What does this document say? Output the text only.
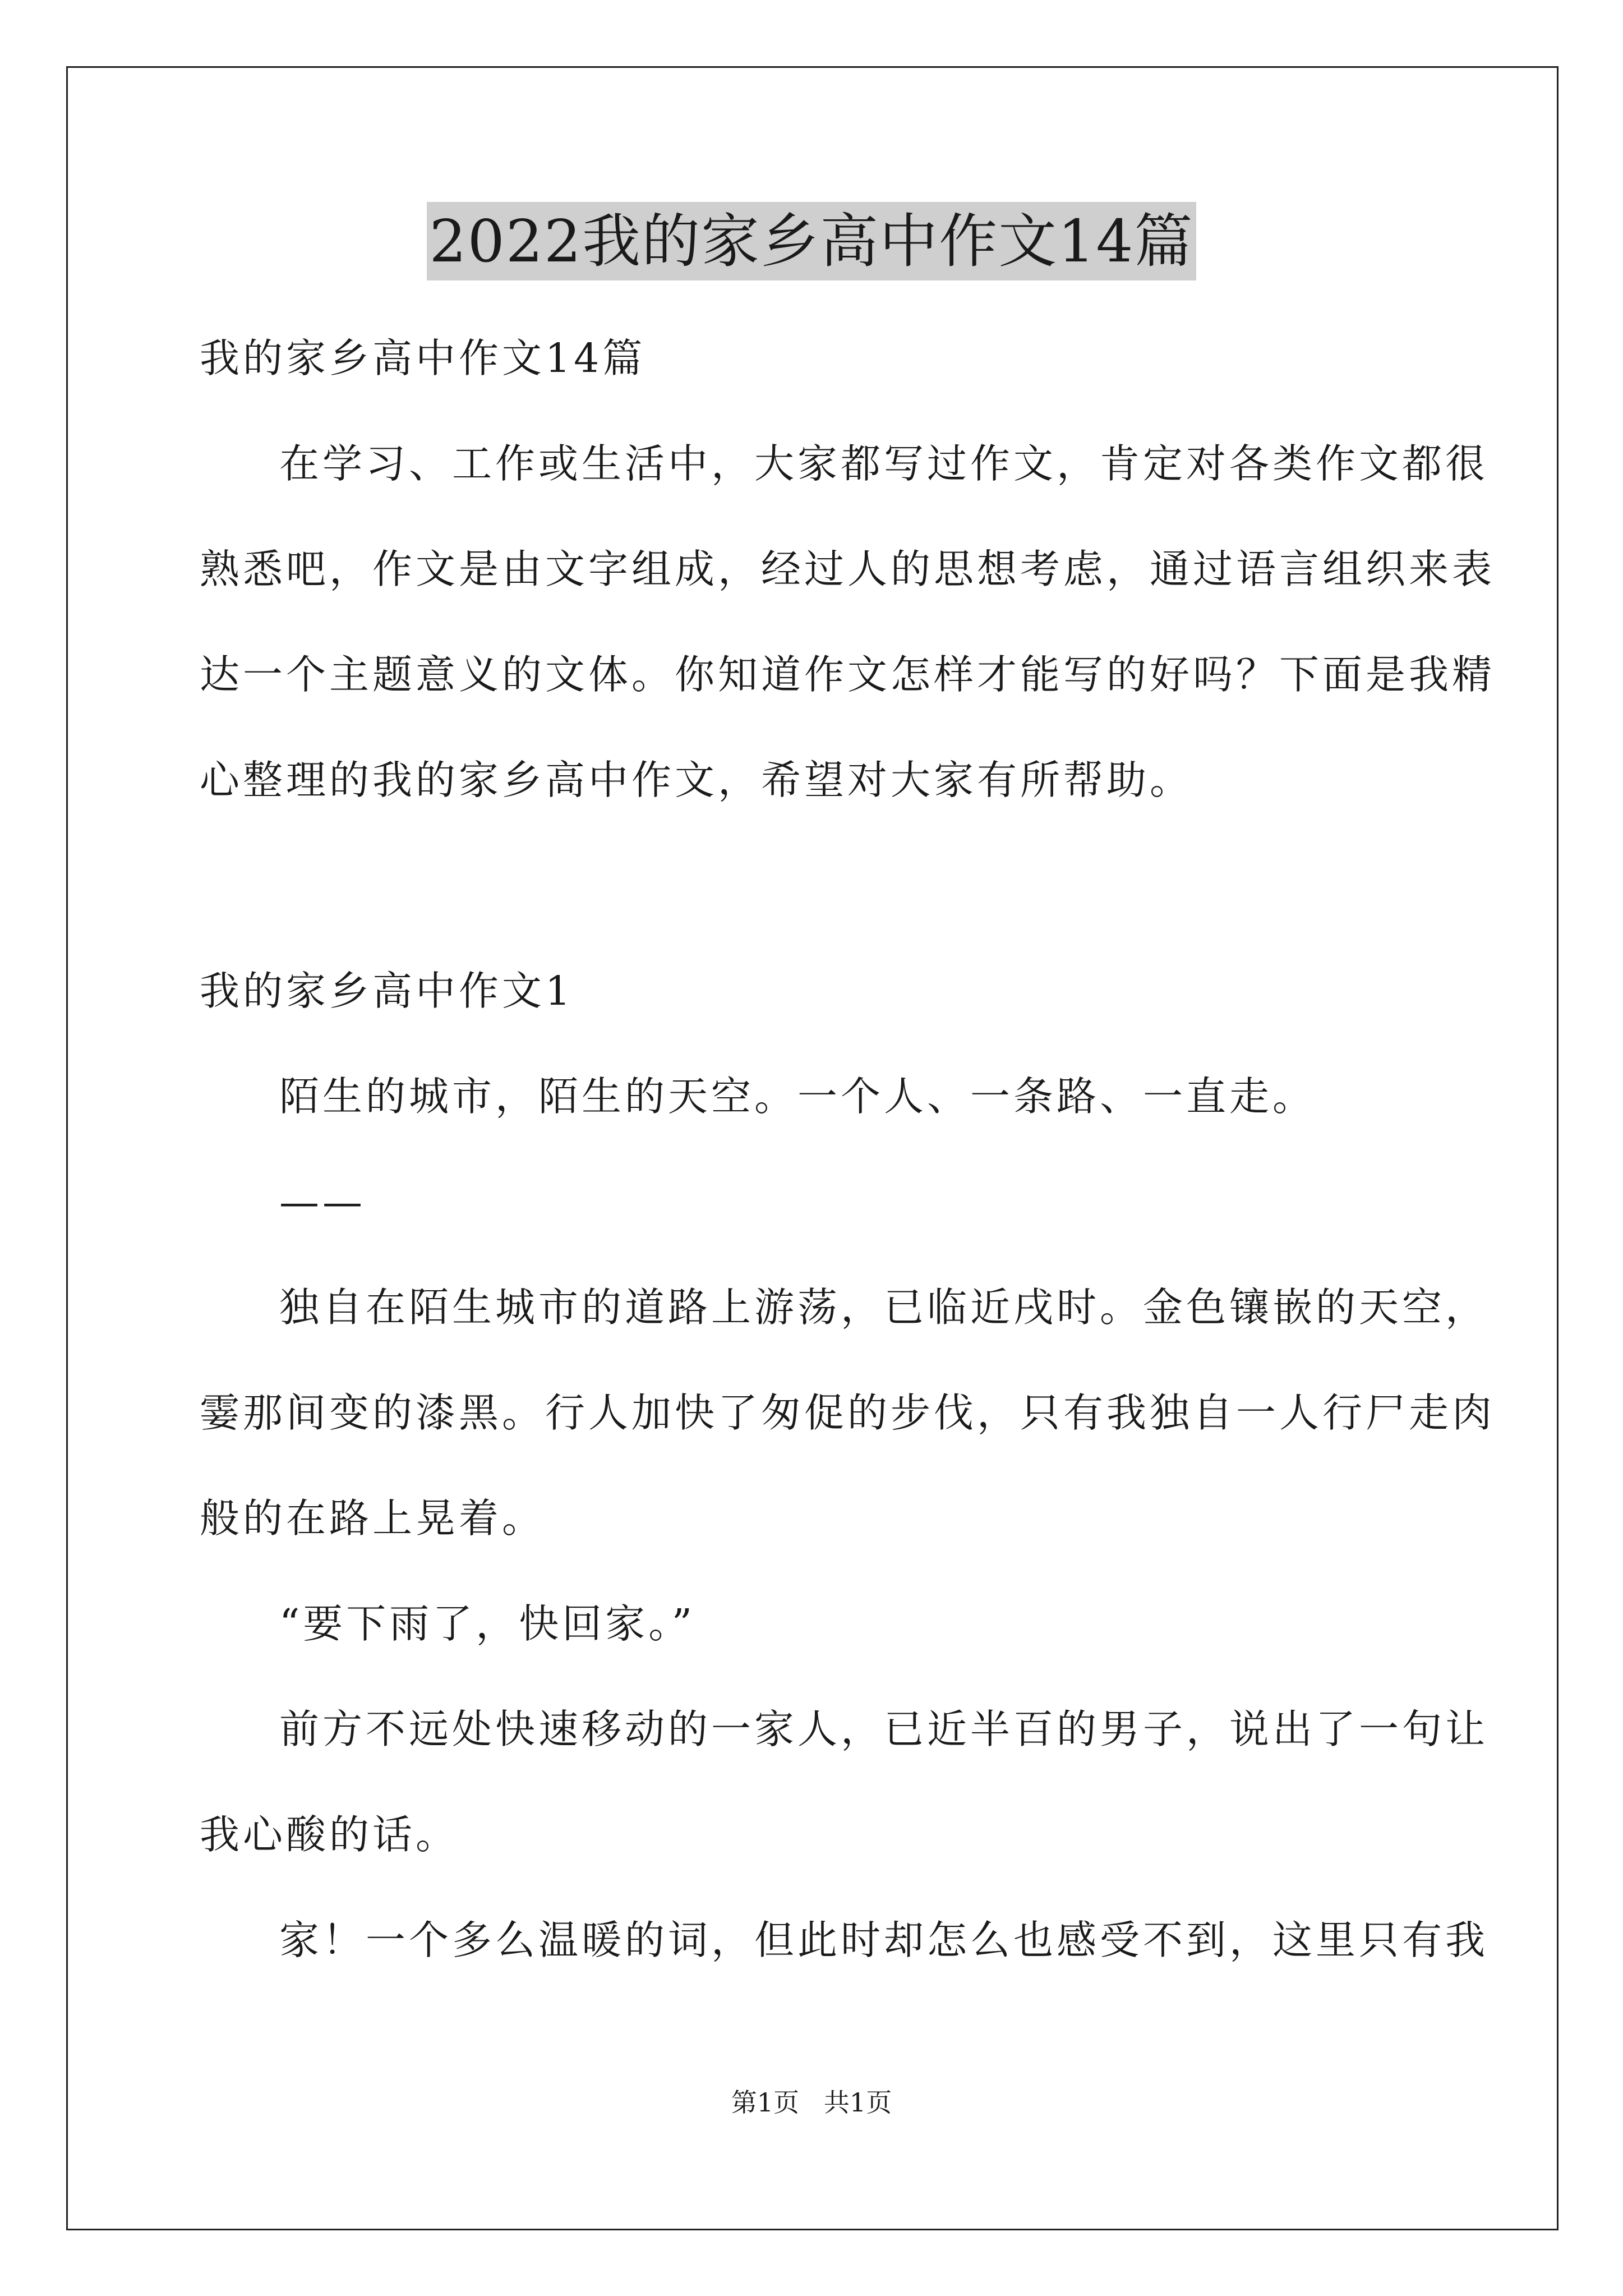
2022我的家乡高中作文14篇
我的家乡高中作文14篇
在学习、工作或生活中，大家都写过作文，肯定对各类作文都很
熟悉吧，作文是由文字组成，经过人的思想考虑，通过语言组织来表
达一个主题意义的文体。你知道作文怎样才能写的好吗？下面是我精
心整理的我的家乡高中作文，希望对大家有所帮助。
我的家乡高中作文1
陌生的城市，陌生的天空。一个人、一条路、一直走。
——
独自在陌生城市的道路上游荡，已临近戌时。金色镶嵌的天空，
霎那间变的漆黑。行人加快了匆促的步伐，只有我独自一人行尸走肉
般的在路上晃着。
“要下雨了，快回家。”
前方不远处快速移动的一家人，已近半百的男子，说出了一句让
我心酸的话。
家！一个多么温暖的词，但此时却怎么也感受不到，这里只有我
第1页   共1页
